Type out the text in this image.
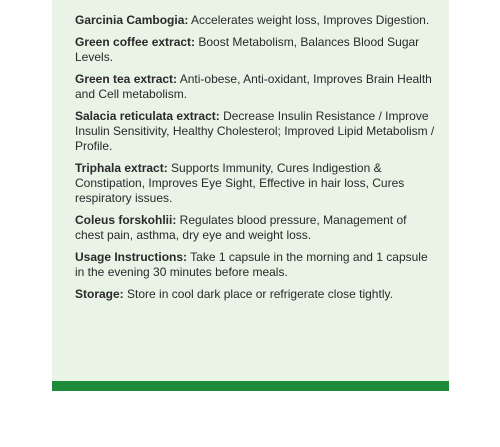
Garcinia Cambogia: Accelerates weight loss, Improves Digestion.

Green coffee extract: Boost Metabolism, Balances Blood Sugar Levels.

Green tea extract: Anti-obese, Anti-oxidant, Improves Brain Health and Cell metabolism.

Salacia reticulata extract: Decrease Insulin Resistance / Improve Insulin Sensitivity, Healthy Cholesterol; Improved Lipid Metabolism / Profile.

Triphala extract: Supports Immunity, Cures Indigestion & Constipation, Improves Eye Sight, Effective in hair loss, Cures respiratory issues.

Coleus forskohlii: Regulates blood pressure, Management of chest pain, asthma, dry eye and weight loss.

Usage Instructions: Take 1 capsule in the morning and 1 capsule in the evening 30 minutes before meals.

Storage: Store in cool dark place or refrigerate close tightly.
